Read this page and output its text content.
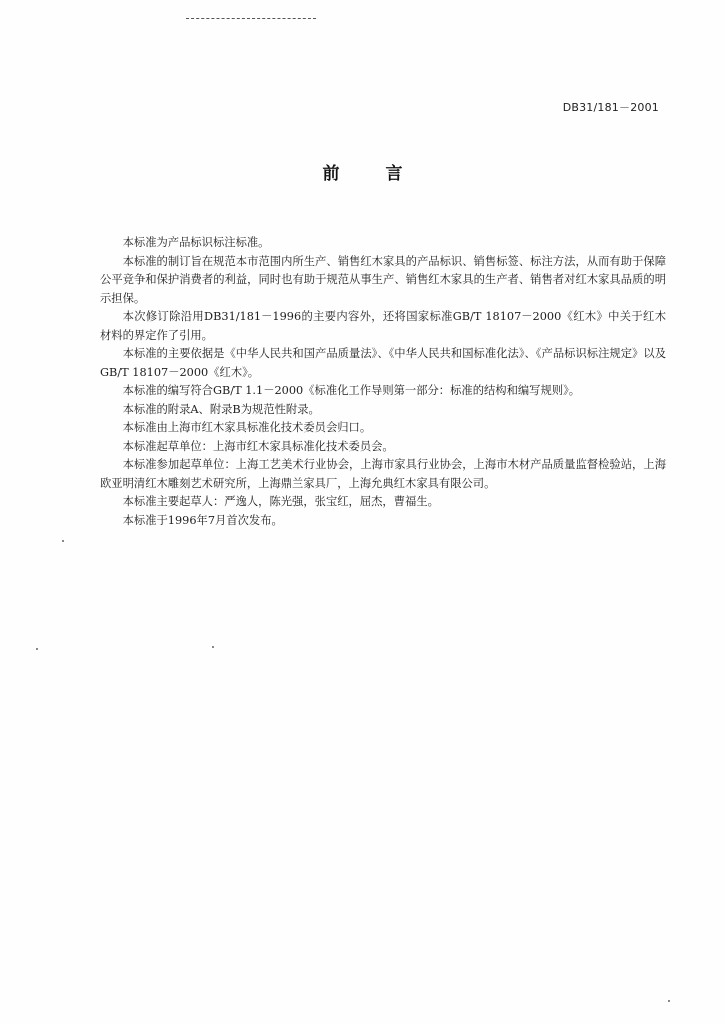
DB31/181－2001
前言

本标准为产品标识标注标准。

本标准的制订旨在规范本市范围内所生产、销售红木家具的产品标识、销售标签、标注方法，从而有助于保障公平竞争和保护消费者的利益，同时也有助于规范从事生产、销售红木家具的生产者、销售者对红木家具品质的明示担保。

本次修订除沿用DB31/181－1996的主要内容外，还将国家标准GB/T 18107－2000《红木》中关于红木材料的界定作了引用。

本标准的主要依据是《中华人民共和国产品质量法》、《中华人民共和国标准化法》、《产品标识标注规定》以及GB/T 18107－2000《红木》。

本标准的编写符合GB/T 1.1－2000《标准化工作导则第一部分：标准的结构和编写规则》。

本标准的附录A、附录B为规范性附录。

本标准由上海市红木家具标准化技术委员会归口。

本标准起草单位：上海市红木家具标准化技术委员会。

本标准参加起草单位：上海工艺美术行业协会，上海市家具行业协会，上海市木材产品质量监督检验站，上海欧亚明清红木雕刻艺术研究所，上海鼎兰家具厂，上海允典红木家具有限公司。

本标准主要起草人：严逸人，陈光强，张宝红，屈杰，曹福生。

本标准于1996年7月首次发布。
